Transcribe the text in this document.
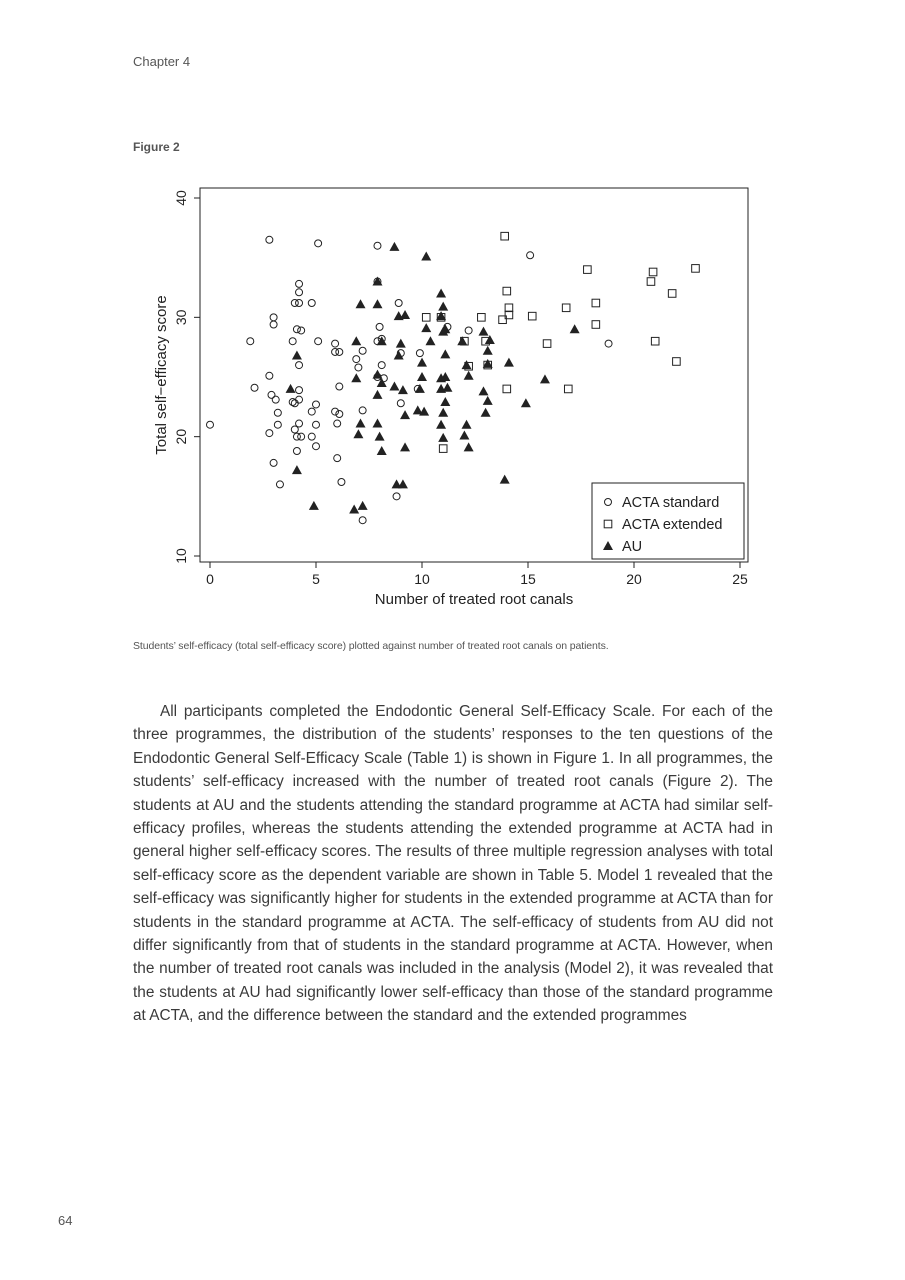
Chapter 4
Figure 2
0	5	10	15	20	25
10
20
30
40
Number of treated root canals
Total self−efficacy score
ACTA standard
ACTA extended
AU
Students’ self-efficacy (total self-efficacy score) plotted against number of treated root canals on patients.

All participants completed the Endodontic General Self-Efficacy Scale. For each of the three programmes, the distribution of the students’ responses to the ten questions of the Endodontic General Self-Efficacy Scale (Table 1) is shown in Figure 1. In all programmes, the students’ self-efficacy increased with the number of treated root canals (Figure 2). The students at AU and the students attending the standard programme at ACTA had similar self-efficacy profiles, whereas the students attending the extended programme at ACTA had in general higher self-efficacy scores. The results of three multiple regression analyses with total self-efficacy score as the dependent variable are shown in Table 5. Model 1 revealed that the self-efficacy was significantly higher for students in the extended programme at ACTA than for students in the standard programme at ACTA. The self-efficacy of students from AU did not differ significantly from that of students in the standard programme at ACTA. However, when the number of treated root canals was included in the analysis (Model 2), it was revealed that the students at AU had significantly lower self-efficacy than those of the standard programme at ACTA, and the difference between the standard and the extended programmes

64
